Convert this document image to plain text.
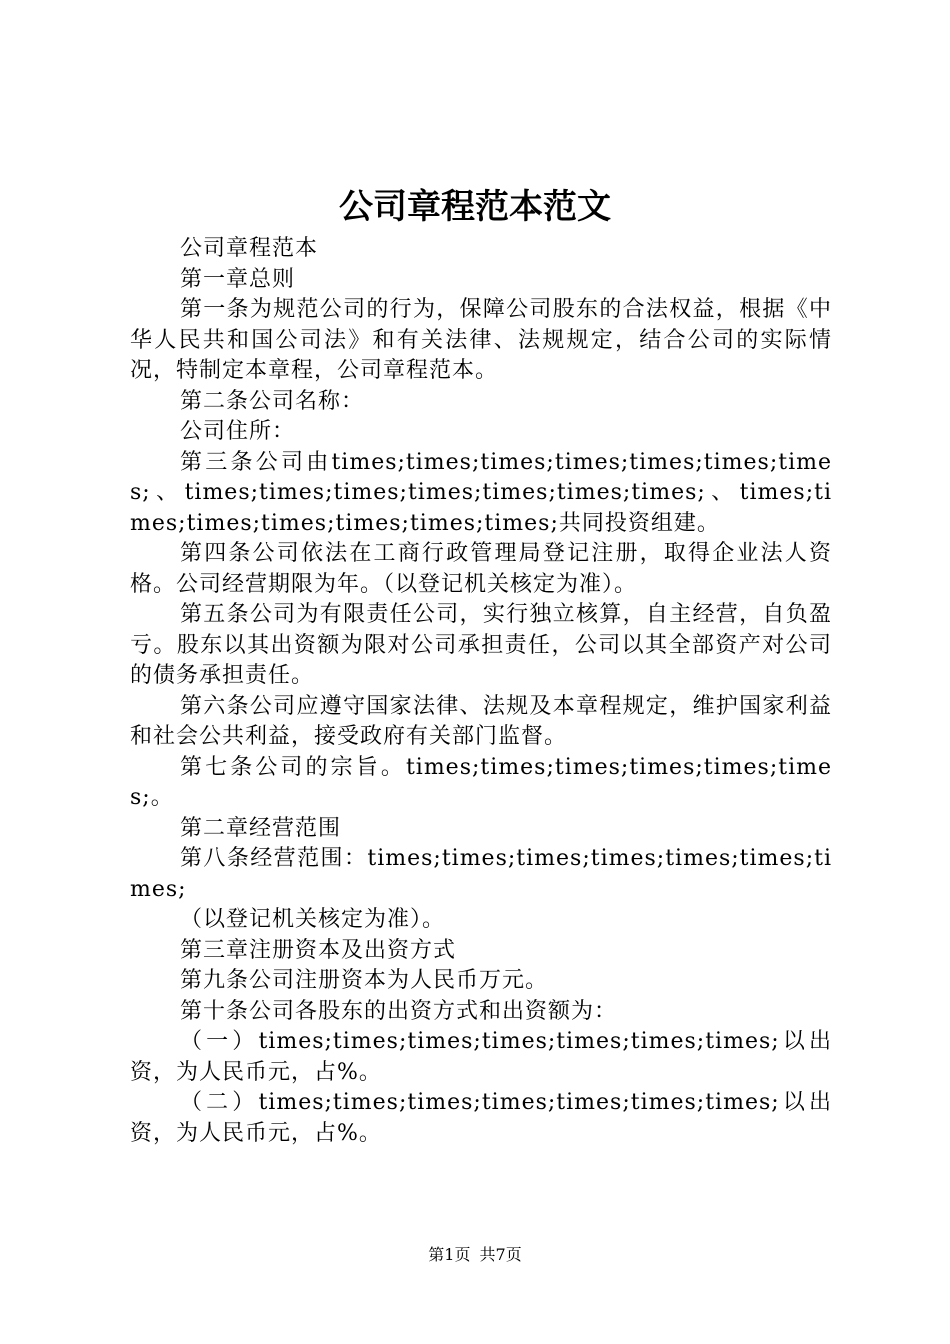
公司章程范本范文

公司章程范本

第一章总则

第一条为规范公司的行为，保障公司股东的合法权益，根据《中华人民共和国公司法》和有关法律、法规规定，结合公司的实际情况，特制定本章程，公司章程范本。

第二条公司名称：

公司住所：

第三条公司由times;times;times;times;times;times;times;、times;times;times;times;times;times;times;、times;times;times;times;times;times;times;共同投资组建。

第四条公司依法在工商行政管理局登记注册，取得企业法人资格。公司经营期限为年。（以登记机关核定为准）。

第五条公司为有限责任公司，实行独立核算，自主经营，自负盈亏。股东以其出资额为限对公司承担责任，公司以其全部资产对公司的债务承担责任。

第六条公司应遵守国家法律、法规及本章程规定，维护国家利益和社会公共利益，接受政府有关部门监督。

第七条公司的宗旨。times;times;times;times;times;times;。

第二章经营范围

第八条经营范围：times;times;times;times;times;times;times;

（以登记机关核定为准）。

第三章注册资本及出资方式

第九条公司注册资本为人民币万元。

第十条公司各股东的出资方式和出资额为：

（一）times;times;times;times;times;times;times;以出资，为人民币元，占%。

（二）times;times;times;times;times;times;times;以出资，为人民币元，占%。

第1页 共7页
